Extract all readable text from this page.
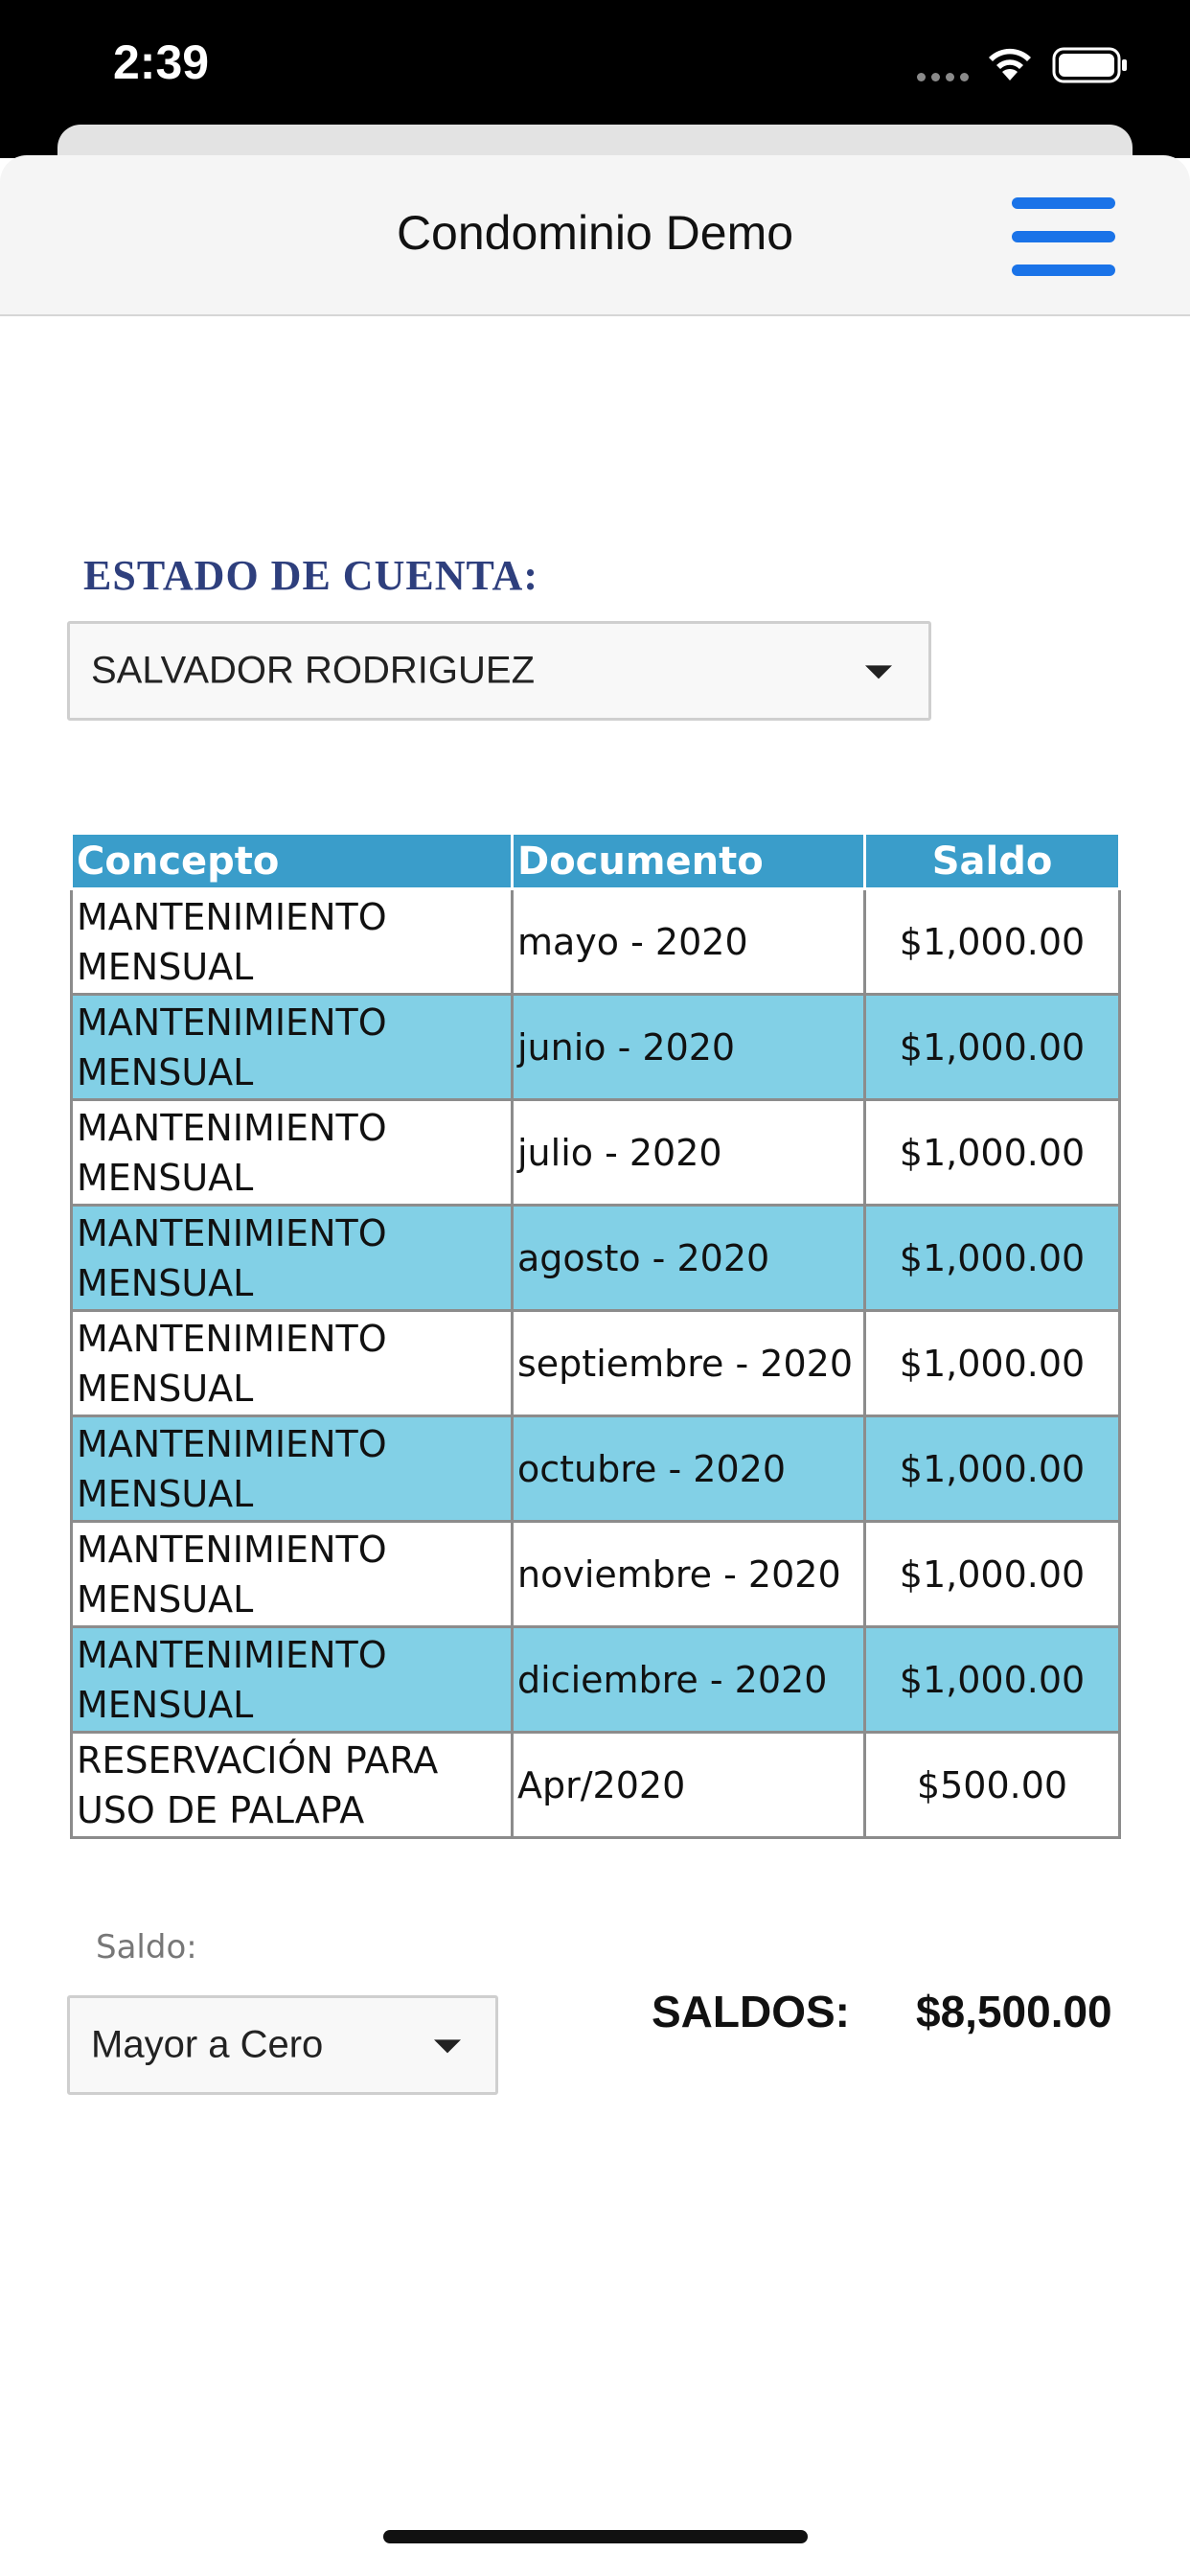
2:39
Condominio Demo
ESTADO DE CUENTA:
SALVADOR RODRIGUEZ
Concepto	Documento	Saldo
MANTENIMIENTO MENSUAL	mayo - 2020	$1,000.00
MANTENIMIENTO MENSUAL	junio - 2020	$1,000.00
MANTENIMIENTO MENSUAL	julio - 2020	$1,000.00
MANTENIMIENTO MENSUAL	agosto - 2020	$1,000.00
MANTENIMIENTO MENSUAL	septiembre - 2020	$1,000.00
MANTENIMIENTO MENSUAL	octubre - 2020	$1,000.00
MANTENIMIENTO MENSUAL	noviembre - 2020	$1,000.00
MANTENIMIENTO MENSUAL	diciembre - 2020	$1,000.00
RESERVACIÓN PARA USO DE PALAPA	Apr/2020	$500.00
Saldo:
Mayor a Cero
SALDOS: $8,500.00
